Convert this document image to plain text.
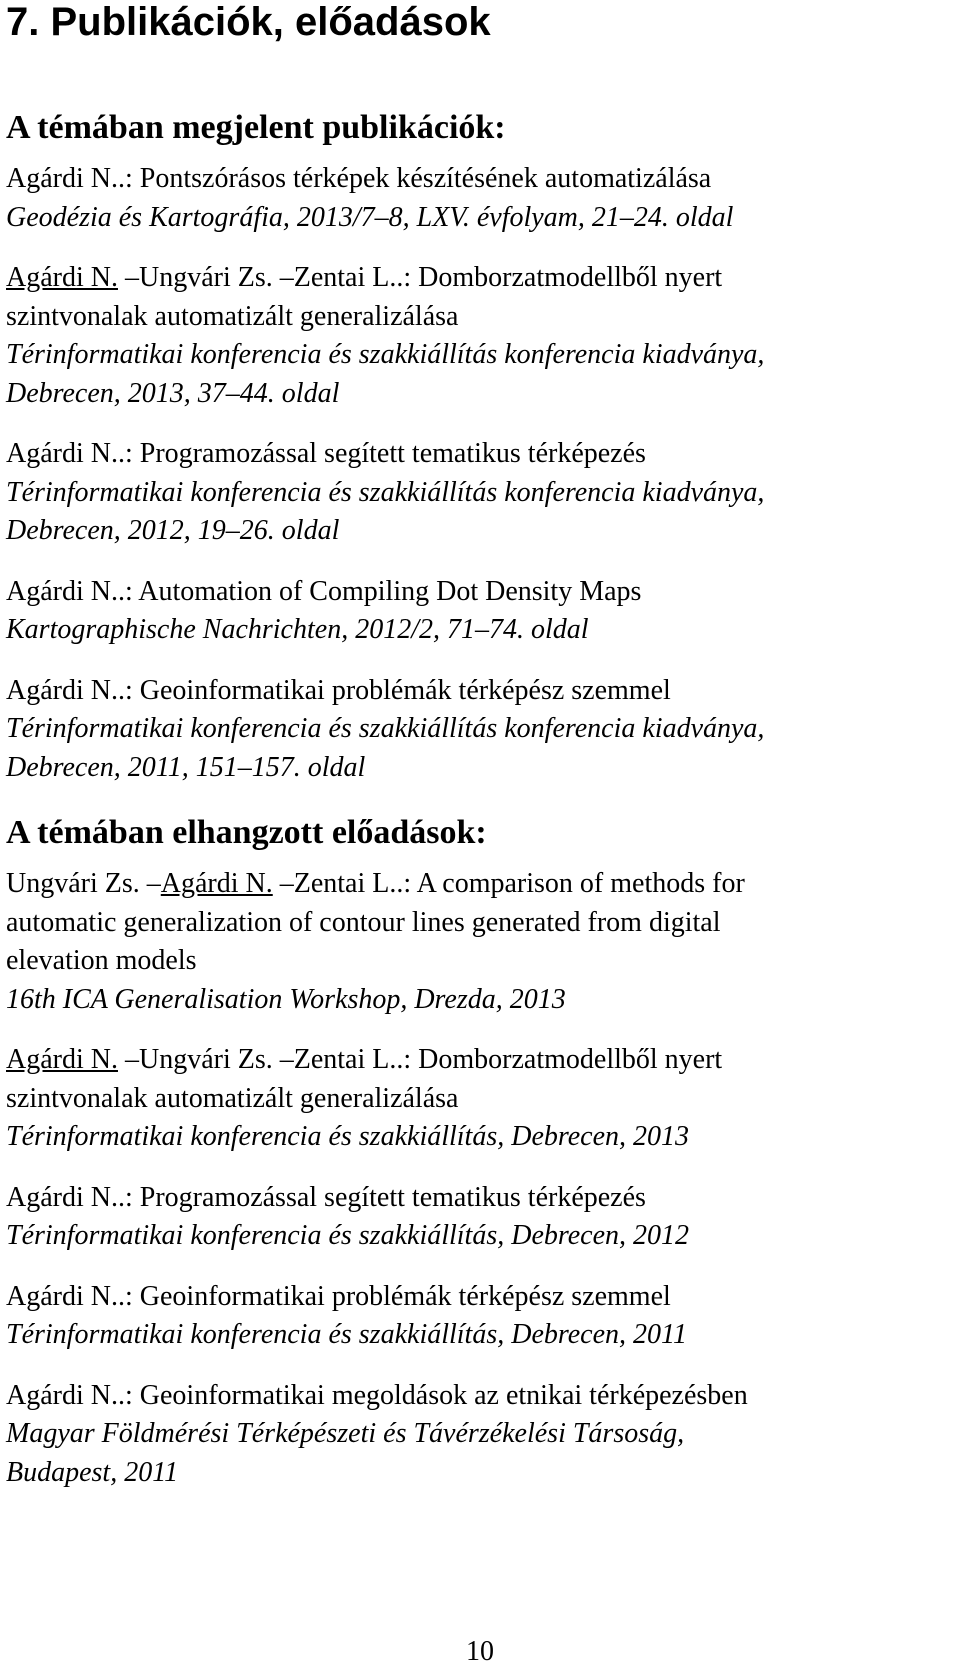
7. Publikációk, előadások
A témában megjelent publikációk:
Agárdi N..: Pontszórásos térképek készítésének automatizálása
Geodézia és Kartográfia, 2013/7–8, LXV. évfolyam, 21–24. oldal
Agárdi N. –Ungvári Zs. –Zentai L..: Domborzatmodellből nyert
szintvonalak automatizált generalizálása
Térinformatikai konferencia és szakkiállítás konferencia kiadványa,
Debrecen, 2013, 37–44. oldal
Agárdi N..: Programozással segített tematikus térképezés
Térinformatikai konferencia és szakkiállítás konferencia kiadványa,
Debrecen, 2012, 19–26. oldal
Agárdi N..: Automation of Compiling Dot Density Maps
Kartographische Nachrichten, 2012/2, 71–74. oldal
Agárdi N..: Geoinformatikai problémák térképész szemmel
Térinformatikai konferencia és szakkiállítás konferencia kiadványa,
Debrecen, 2011, 151–157. oldal
A témában elhangzott előadások:
Ungvári Zs. –Agárdi N. –Zentai L..: A comparison of methods for
automatic generalization of contour lines generated from digital
elevation models
16th ICA Generalisation Workshop, Drezda, 2013
Agárdi N. –Ungvári Zs. –Zentai L..: Domborzatmodellből nyert
szintvonalak automatizált generalizálása
Térinformatikai konferencia és szakkiállítás, Debrecen, 2013
Agárdi N..: Programozással segített tematikus térképezés
Térinformatikai konferencia és szakkiállítás, Debrecen, 2012
Agárdi N..: Geoinformatikai problémák térképész szemmel
Térinformatikai konferencia és szakkiállítás, Debrecen, 2011
Agárdi N..: Geoinformatikai megoldások az etnikai térképezésben
Magyar Földmérési Térképészeti és Távérzékelési Társoság,
Budapest, 2011
10
